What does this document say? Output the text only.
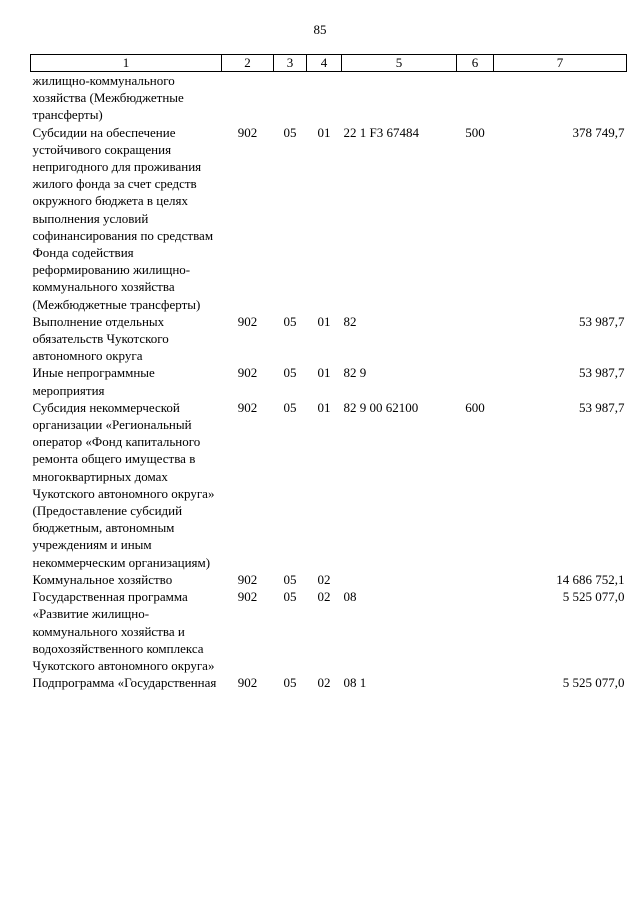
85
1	2	3	4	5	6	7
жилищно-коммунального хозяйства (Межбюджетные трансферты)						
Субсидии на обеспечение устойчивого сокращения непригодного для проживания жилого фонда за счет средств окружного бюджета в целях выполнения условий софинансирования по средствам Фонда содействия реформированию жилищно-коммунального хозяйства (Межбюджетные трансферты)	902	05	01	22 1 F3 67484	500	378 749,7
Выполнение отдельных обязательств Чукотского автономного округа	902	05	01	82		53 987,7
Иные непрограммные мероприятия	902	05	01	82 9		53 987,7
Субсидия некоммерческой организации «Региональный оператор «Фонд капитального ремонта общего имущества в многоквартирных домах Чукотского автономного округа» (Предоставление субсидий бюджетным, автономным учреждениям и иным некоммерческим организациям)	902	05	01	82 9 00 62100	600	53 987,7
Коммунальное хозяйство	902	05	02			14 686 752,1
Государственная программа «Развитие жилищно-коммунального хозяйства и водохозяйственного комплекса Чукотского автономного округа»	902	05	02	08		5 525 077,0
Подпрограмма «Государственная	902	05	02	08 1		5 525 077,0
